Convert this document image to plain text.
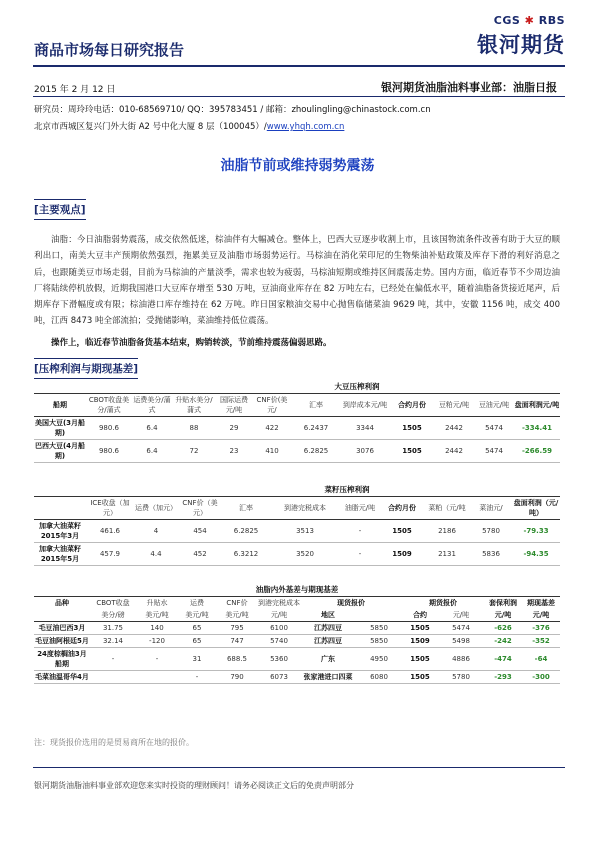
商品市场每日研究报告
CGS ✱ RBS
银河期货
2015 年 2 月 12 日	银河期货油脂油料事业部：油脂日报
研究员：周玲玲电话：010-68569710/ QQ：395783451 / 邮箱：zhoulingling@chinastock.com.cn
北京市西城区复兴门外大街 A2 号中化大厦 8 层（100045）/www.yhqh.com.cn
油脂节前或维持弱势震荡
[主要观点]
油脂：今日油脂弱势震荡，成交依然低迷，棕油伴有大幅减仓。整体上，巴西大豆逐步收割上市，且该国物流条件改善有助于大豆的顺利出口，南美大豆丰产预期依然强烈，拖累美豆及油脂市场弱势运行。马棕油在消化荣印尼的生物柴油补贴政策及库存下滑的利好消息之后，也跟随美豆市场走弱，目前为马棕油的产量淡季，需求也较为疲弱，马棕油短期或维持区间震荡走势。国内方面，临近春节不少周边油厂将陆续停机放假，近期我国港口大豆库存增至 530 万吨，豆油商业库存在 82 万吨左右，已经处在偏低水平，随着油脂备货接近尾声，后期库存下滑幅度或有限；棕油港口库存维持在 62 万吨。昨日国家粮油交易中心抛售临储菜油 9629 吨，其中，安徽 1156 吨，成交 400 吨，江西 8473 吨全部流拍；受抛储影响，菜油维持低位震荡。
操作上，临近春节油脂备货基本结束，购销转淡，节前维持震荡偏弱思路。
[压榨利润与期现基差]
大豆压榨利润											
船期	CBOT收盘美分/蒲式	运费美分/蒲式	升贴水美分/蒲式	国际运费元/吨	CNF价(美元/	汇率	到岸成本元/吨	合约月份	豆粕元/吨	豆油元/吨	盘面利润元/吨
美国大豆(3月船期)	980.6	6.4	88	29	422	6.2437	3344	1505	2442	5474	-334.41
巴西大豆(4月船期)	980.6	6.4	72	23	410	6.2825	3076	1505	2442	5474	-266.59
菜籽压榨利润										
	ICE收盘（加元）	运费（加元）	CNF价（美元）	汇率	到港完税成本	油脂元/吨	合约月份	菜粕（元/吨	菜油元/	盘面利润（元/吨）
加拿大油菜籽2015年3月	461.6	4	454	6.2825	3513	-	1505	2186	5780	-79.33
加拿大油菜籽2015年5月	457.9	4.4	452	6.3212	3520	-	1509	2131	5836	-94.35
油脂内外基差与期现基差											
品种	CBOT收盘	升贴水	运费	CNF价	到港完税成本	现货报价		期货报价		套保利润	期现基差
	美分/磅	美元/吨	美元/吨	美元/吨	元/吨	地区		合约	元/吨	元/吨	元/吨
毛豆油巴西3月	31.75	140	65	795	6100	江苏四豆	5850	1505	5474	-626	-376
毛豆油阿根廷5月	32.14	-120	65	747	5740	江苏四豆	5850	1509	5498	-242	-352
24度棕榈油3月船期	-	-	31	688.5	5360	广东	4950	1505	4886	-474	-64
毛菜油温哥华4月			-	790	6073	张家港进口四菜	6080	1505	5780	-293	-300
注：现货报价选用的是贸易商所在地的报价。
银河期货油脂油料事业部欢迎您来实时投资的理财顾问！请务必阅读正文后的免责声明部分
